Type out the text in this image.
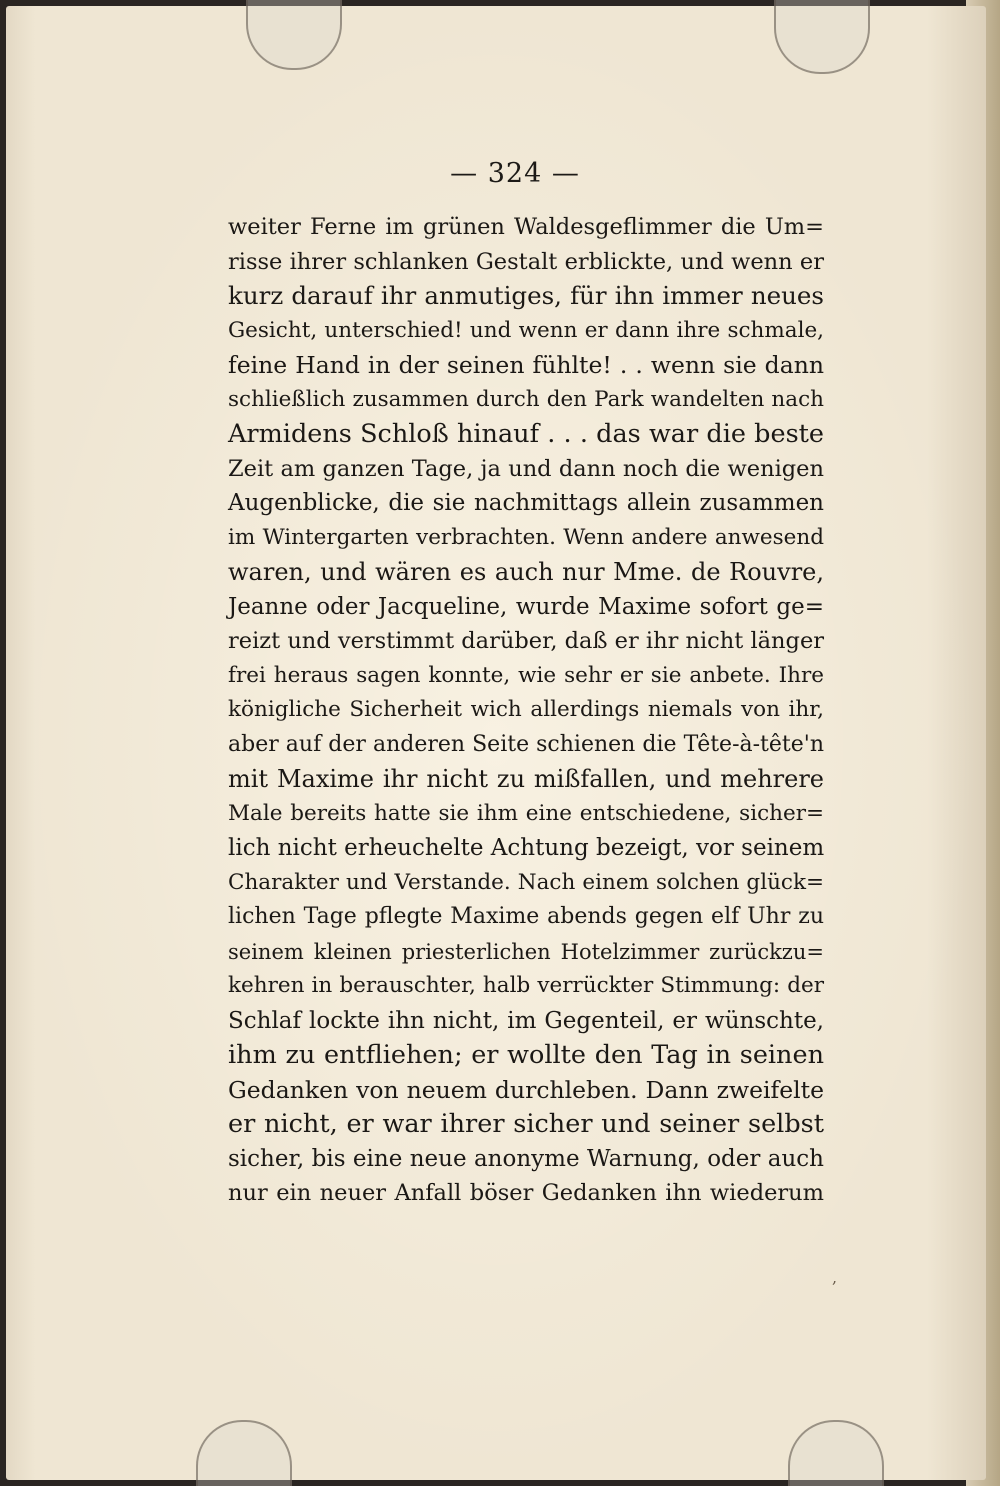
— 324 —
weiter Ferne im grünen Waldesgeflimmer die Um=
risse ihrer schlanken Gestalt erblickte, und wenn er
kurz darauf ihr anmutiges, für ihn immer neues
Gesicht, unterschied! und wenn er dann ihre schmale,
feine Hand in der seinen fühlte! . . wenn sie dann
schließlich zusammen durch den Park wandelten nach
Armidens Schloß hinauf . . . das war die beste
Zeit am ganzen Tage, ja und dann noch die wenigen
Augenblicke, die sie nachmittags allein zusammen
im Wintergarten verbrachten. Wenn andere anwesend
waren, und wären es auch nur Mme. de Rouvre,
Jeanne oder Jacqueline, wurde Maxime sofort ge=
reizt und verstimmt darüber, daß er ihr nicht länger
frei heraus sagen konnte, wie sehr er sie anbete. Ihre
königliche Sicherheit wich allerdings niemals von ihr,
aber auf der anderen Seite schienen die Tête-à-tête'n
mit Maxime ihr nicht zu mißfallen, und mehrere
Male bereits hatte sie ihm eine entschiedene, sicher=
lich nicht erheuchelte Achtung bezeigt, vor seinem
Charakter und Verstande. Nach einem solchen glück=
lichen Tage pflegte Maxime abends gegen elf Uhr zu
seinem kleinen priesterlichen Hotelzimmer zurückzu=
kehren in berauschter, halb verrückter Stimmung: der
Schlaf lockte ihn nicht, im Gegenteil, er wünschte,
ihm zu entfliehen; er wollte den Tag in seinen
Gedanken von neuem durchleben. Dann zweifelte
er nicht, er war ihrer sicher und seiner selbst
sicher, bis eine neue anonyme Warnung, oder auch
nur ein neuer Anfall böser Gedanken ihn wiederum
,
